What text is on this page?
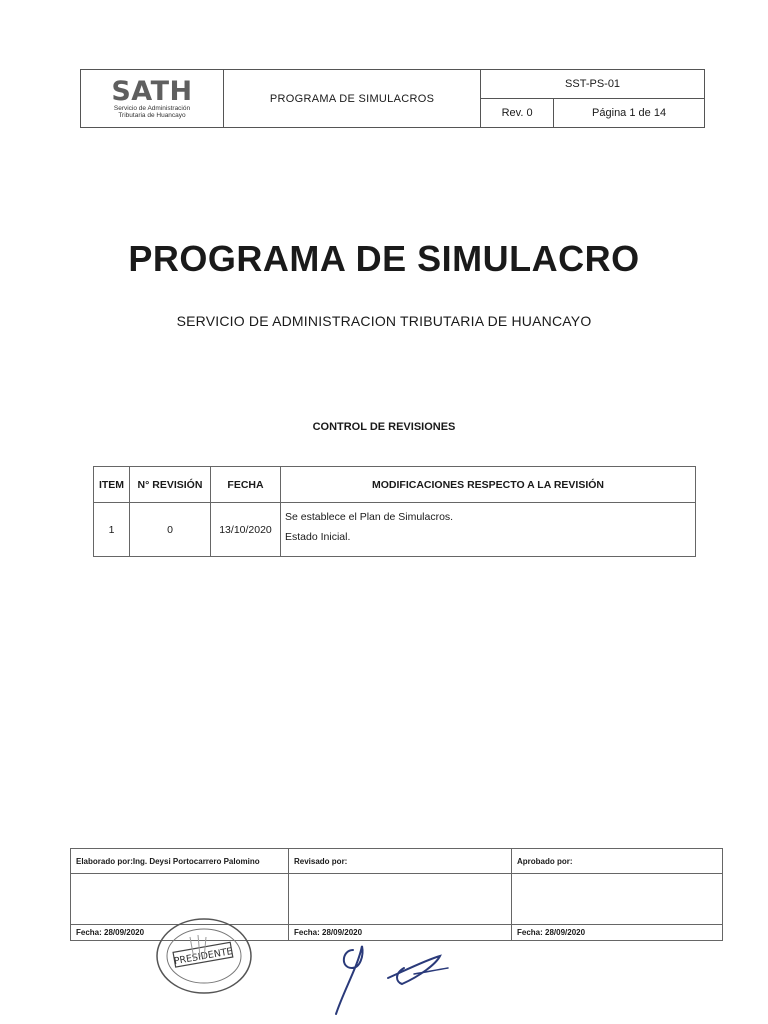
SATH
Servicio de Administración
Tributaria de Huancayo	PROGRAMA DE SIMULACROS	SST-PS-01	
		Rev. 0	Página 1 de 14
PROGRAMA DE SIMULACRO
SERVICIO DE ADMINISTRACION TRIBUTARIA DE HUANCAYO
CONTROL DE REVISIONES
ITEM	N° REVISIÓN	FECHA	MODIFICACIONES RESPECTO A LA REVISIÓN
1	0	13/10/2020	Se establece el Plan de Simulacros.
Estado Inicial.
Elaborado por:Ing. Deysi Portocarrero Palomino	Revisado por:	Aprobado por:

Fecha: 28/09/2020	Fecha: 28/09/2020	Fecha: 28/09/2020
PRESIDENTE
